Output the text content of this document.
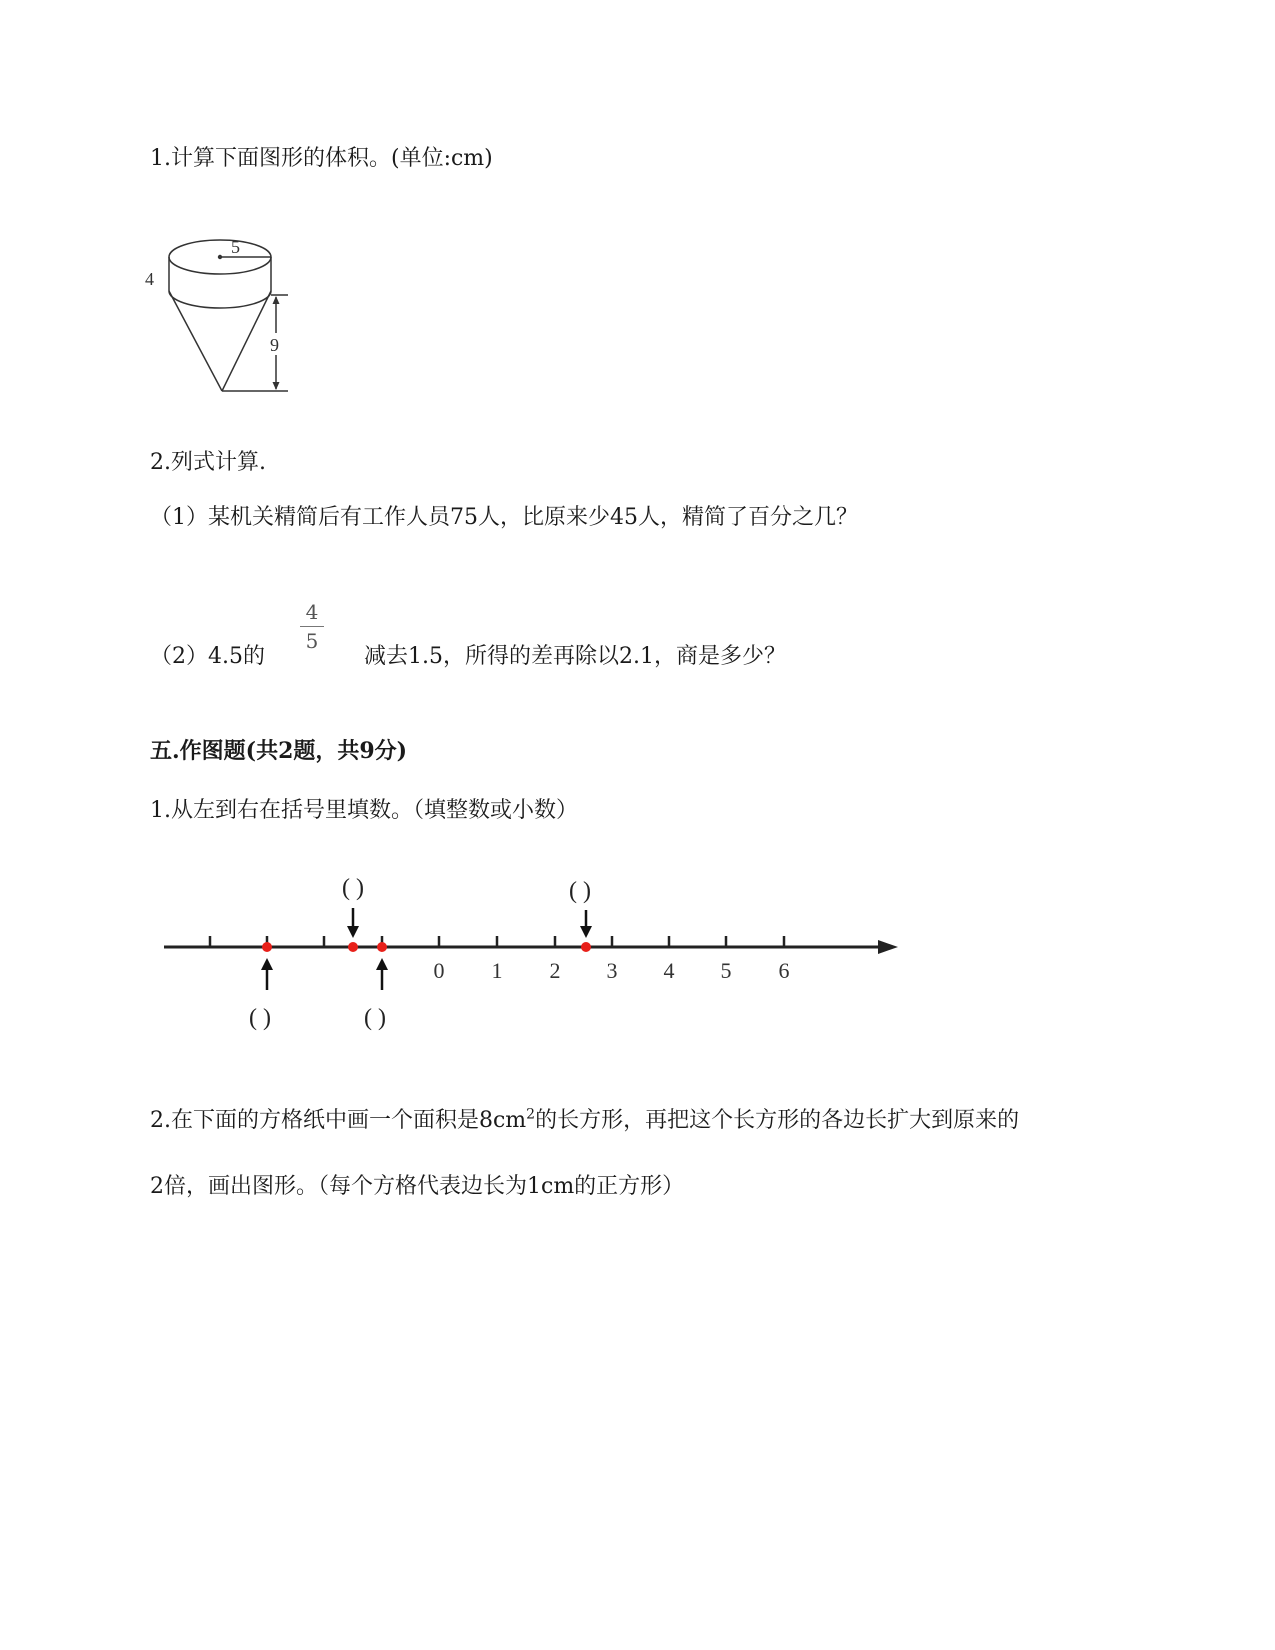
1.计算下面图形的体积。(单位:cm)
5
4
9
2.列式计算.
（1）某机关精简后有工作人员75人，比原来少45人，精简了百分之几？
（2）4.5的
4
5
减去1.5，所得的差再除以2.1，商是多少？
五.作图题(共2题，共9分)
1.从左到右在括号里填数。（填整数或小数）
0 1 2 3 4 5 6
( )	( )
( )	( )
2.在下面的方格纸中画一个面积是$8cm^2$的长方形，再把这个长方形的各边长扩大到原来的
2倍，画出图形。（每个方格代表边长为1cm的正方形）
